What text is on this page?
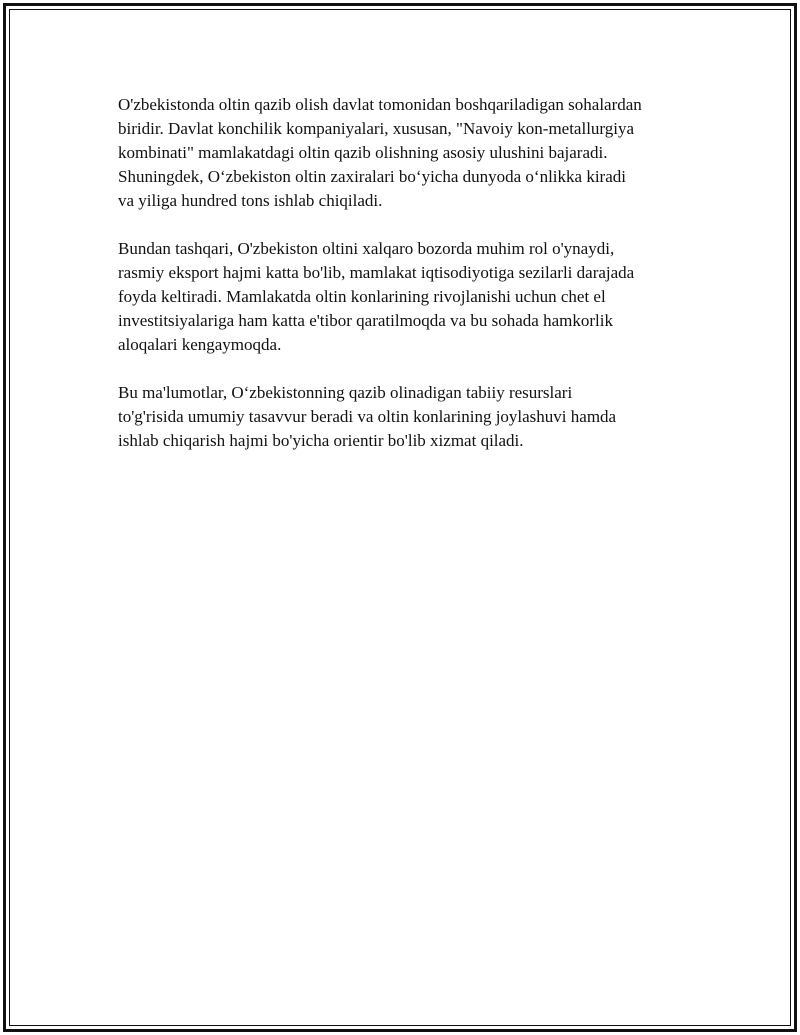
O'zbekistonda oltin qazib olish davlat tomonidan boshqariladigan sohalardan
biridir. Davlat konchilik kompaniyalari, xususan, "Navoiy kon-metallurgiya
kombinati" mamlakatdagi oltin qazib olishning asosiy ulushini bajaradi.
Shuningdek, O‘zbekiston oltin zaxiralari bo‘yicha dunyoda o‘nlikka kiradi
va yiliga hundred tons ishlab chiqiladi.

Bundan tashqari, O'zbekiston oltini xalqaro bozorda muhim rol o'ynaydi,
rasmiy eksport hajmi katta bo'lib, mamlakat iqtisodiyotiga sezilarli darajada
foyda keltiradi. Mamlakatda oltin konlarining rivojlanishi uchun chet el
investitsiyalariga ham katta e'tibor qaratilmoqda va bu sohada hamkorlik
aloqalari kengaymoqda.

Bu ma'lumotlar, O‘zbekistonning qazib olinadigan tabiiy resurslari
to'g'risida umumiy tasavvur beradi va oltin konlarining joylashuvi hamda
ishlab chiqarish hajmi bo'yicha orientir bo'lib xizmat qiladi.
